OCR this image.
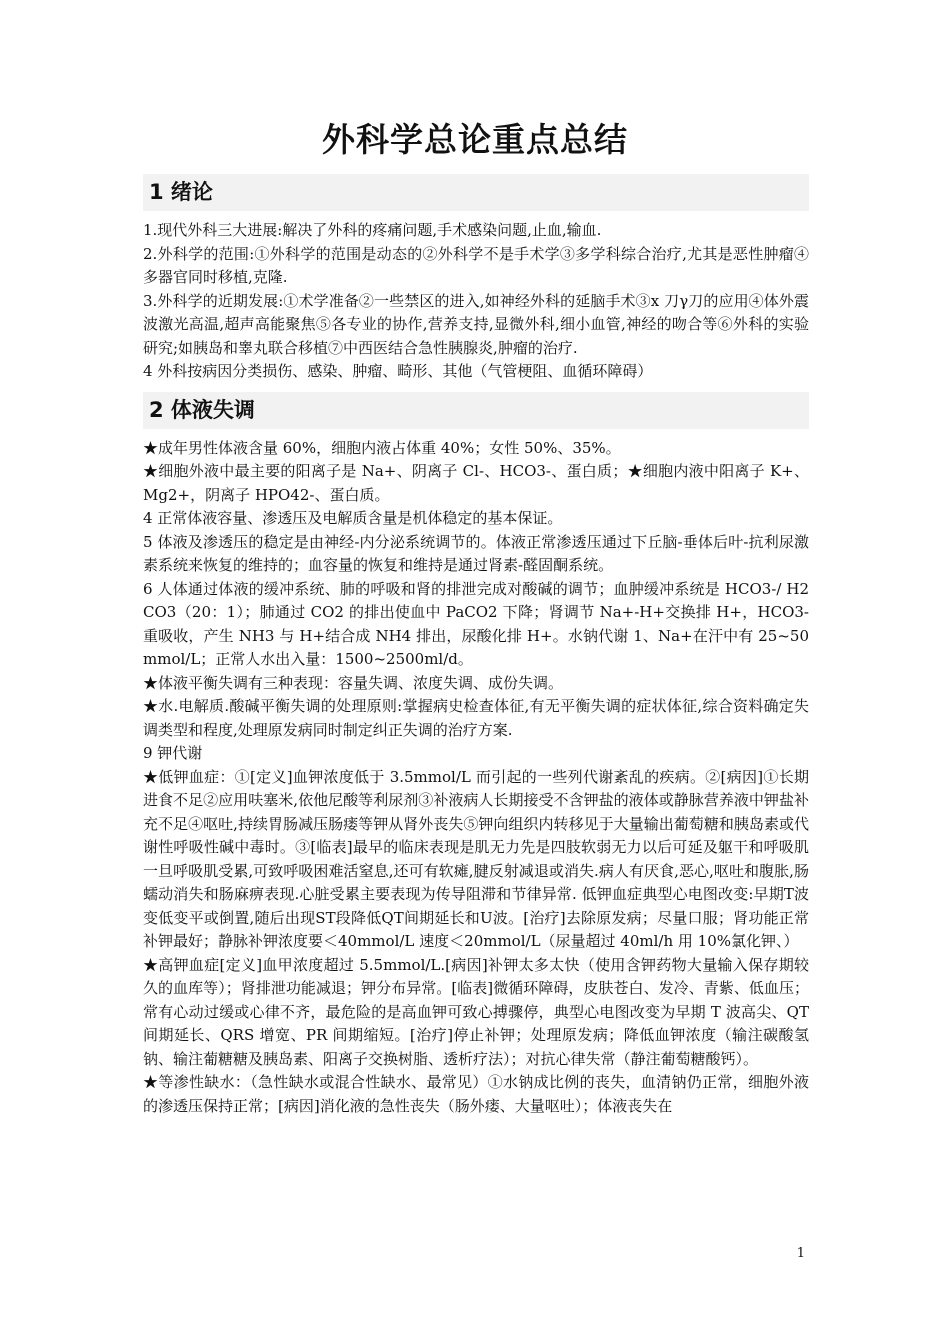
外科学总论重点总结
1 绪论

1.现代外科三大进展:解决了外科的疼痛问题,手术感染问题,止血,输血.

2.外科学的范围:①外科学的范围是动态的②外科学不是手术学③多学科综合治疗,尤其是恶性肿瘤④多器官同时移植,克隆.

3.外科学的近期发展:①术学准备②一些禁区的进入,如神经外科的延脑手术③x 刀γ刀的应用④体外震波激光高温,超声高能聚焦⑤各专业的协作,营养支持,显微外科,细小血管,神经的吻合等⑥外科的实验研究;如胰岛和睾丸联合移植⑦中西医结合急性胰腺炎,肿瘤的治疗.

4 外科按病因分类损伤、感染、肿瘤、畸形、其他（气管梗阻、血循环障碍）

2 体液失调

★成年男性体液含量 60%，细胞内液占体重 40%；女性 50%、35%。

★细胞外液中最主要的阳离子是 Na+、阴离子 Cl-、HCO3-、蛋白质；★细胞内液中阳离子 K+、Mg2+，阴离子 HPO42-、蛋白质。

4 正常体液容量、渗透压及电解质含量是机体稳定的基本保证。

5 体液及渗透压的稳定是由神经-内分泌系统调节的。体液正常渗透压通过下丘脑-垂体后叶-抗利尿激素系统来恢复的维持的；血容量的恢复和维持是通过肾素-醛固酮系统。

6 人体通过体液的缓冲系统、肺的呼吸和肾的排泄完成对酸碱的调节；血肿缓冲系统是 HCO3-/ H2CO3（20：1）；肺通过 CO2 的排出使血中 PaCO2 下降；肾调节 Na+-H+交换排 H+，HCO3-重吸收，产生 NH3 与 H+结合成 NH4 排出，尿酸化排 H+。水钠代谢 1、Na+在汗中有 25~50mmol/L；正常人水出入量：1500~2500ml/d。

★体液平衡失调有三种表现：容量失调、浓度失调、成份失调。

★水.电解质.酸碱平衡失调的处理原则:掌握病史检查体征,有无平衡失调的症状体征,综合资料确定失调类型和程度,处理原发病同时制定纠正失调的治疗方案.

9 钾代谢

★低钾血症：①[定义]血钾浓度低于 3.5mmol/L 而引起的一些列代谢紊乱的疾病。②[病因]①长期进食不足②应用呋塞米,依他尼酸等利尿剂③补液病人长期接受不含钾盐的液体或静脉营养液中钾盐补充不足④呕吐,持续胃肠减压肠瘘等钾从肾外丧失⑤钾向组织内转移见于大量输出葡萄糖和胰岛素或代谢性呼吸性碱中毒时。③[临表]最早的临床表现是肌无力先是四肢软弱无力以后可延及躯干和呼吸肌一旦呼吸肌受累,可致呼吸困难活窒息,还可有软瘫,腱反射减退或消失.病人有厌食,恶心,呕吐和腹胀,肠蠕动消失和肠麻痹表现.心脏受累主要表现为传导阻滞和节律异常. 低钾血症典型心电图改变:早期T波变低变平或倒置,随后出现ST段降低QT间期延长和U波。[治疗]去除原发病；尽量口服；肾功能正常补钾最好；静脉补钾浓度要＜40mmol/L 速度＜20mmol/L（尿量超过 40ml/h 用 10%氯化钾、）

★高钾血症[定义]血甲浓度超过 5.5mmol/L.[病因]补钾太多太快（使用含钾药物大量输入保存期较久的血库等）；肾排泄功能减退；钾分布异常。[临表]微循环障碍，皮肤苍白、发冷、青紫、低血压；常有心动过缓或心律不齐，最危险的是高血钾可致心搏骤停，典型心电图改变为早期 T 波高尖、QT 间期延长、QRS 增宽、PR 间期缩短。[治疗]停止补钾；处理原发病；降低血钾浓度（输注碳酸氢钠、输注葡糖糖及胰岛素、阳离子交换树脂、透析疗法）；对抗心律失常（静注葡萄糖酸钙）。

★等渗性缺水：（急性缺水或混合性缺水、最常见）①水钠成比例的丧失，血清钠仍正常，细胞外液的渗透压保持正常；[病因]消化液的急性丧失（肠外瘘、大量呕吐）；体液丧失在

1
